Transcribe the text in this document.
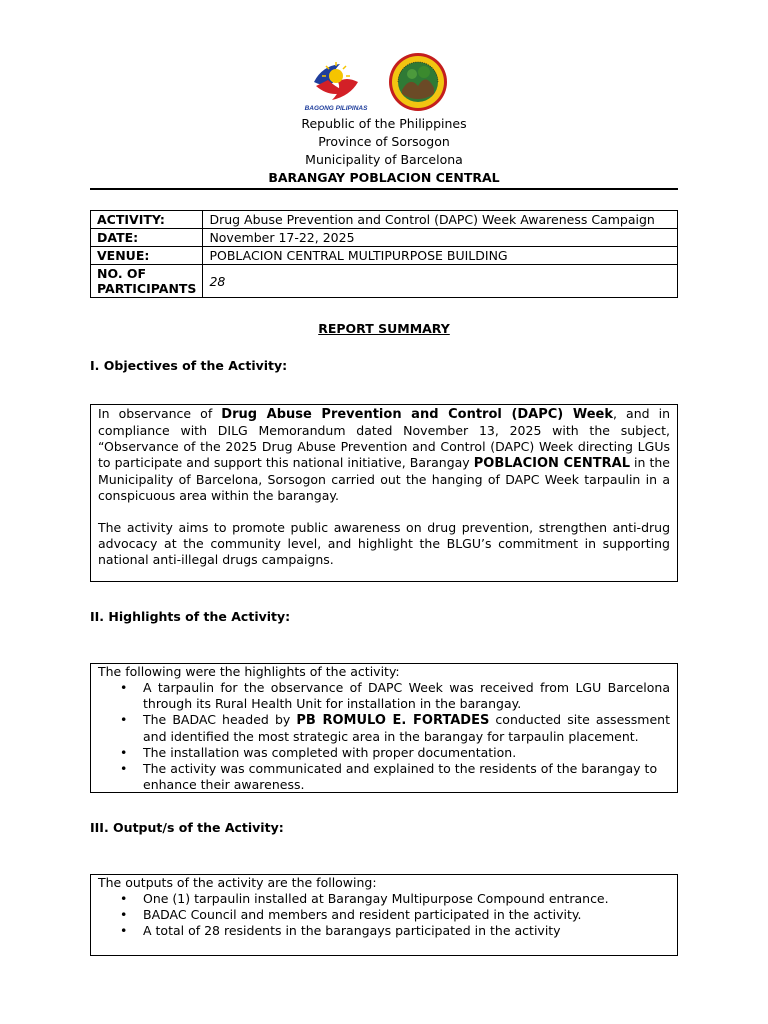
BAGONG PILIPINAS
Republic of the Philippines
Province of Sorsogon
Municipality of Barcelona
BARANGAY POBLACION CENTRAL
ACTIVITY:	Drug Abuse Prevention and Control (DAPC) Week Awareness Campaign
DATE:	November 17-22, 2025
VENUE:	POBLACION CENTRAL MULTIPURPOSE BUILDING

NO. OF
PARTICIPANTS	28
REPORT SUMMARY
I. Objectives of the Activity:
In observance of Drug Abuse Prevention and Control (DAPC) Week, and in compliance with DILG Memorandum dated November 13, 2025 with the subject, “Observance of the 2025 Drug Abuse Prevention and Control (DAPC) Week directing LGUs to participate and support this national initiative, Barangay POBLACION CENTRAL in the Municipality of Barcelona, Sorsogon carried out the hanging of DAPC Week tarpaulin in a conspicuous area within the barangay.
The activity aims to promote public awareness on drug prevention, strengthen anti-drug advocacy at the community level, and highlight the BLGU’s commitment in supporting national anti-illegal drugs campaigns.
II. Highlights of the Activity:
The following were the highlights of the activity:
• A tarpaulin for the observance of DAPC Week was received from LGU Barcelona through its Rural Health Unit for installation in the barangay.
• The BADAC headed by PB ROMULO E. FORTADES conducted site assessment and identified the most strategic area in the barangay for tarpaulin placement.
• The installation was completed with proper documentation.
• The activity was communicated and explained to the residents of the barangay to enhance their awareness.
III. Output/s of the Activity:
The outputs of the activity are the following:
• One (1) tarpaulin installed at Barangay Multipurpose Compound entrance.
• BADAC Council and members and resident participated in the activity.
• A total of 28 residents in the barangays participated in the activity
